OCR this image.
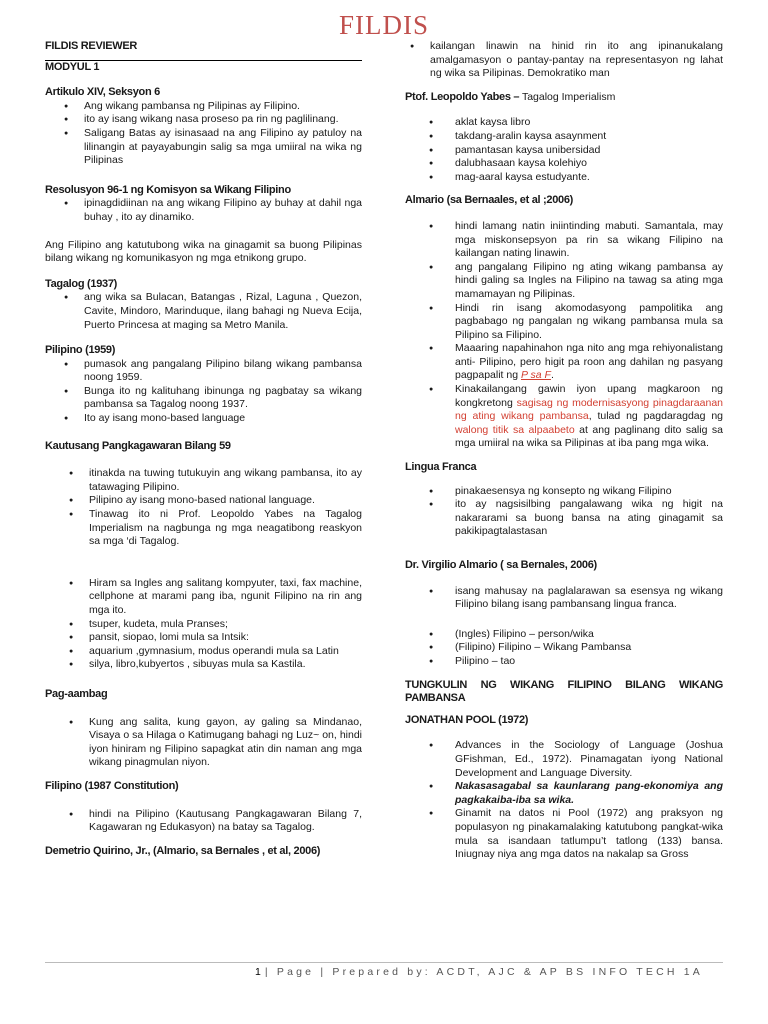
FILDIS

FILDIS REVIEWER

MODYUL 1

Artikulo XIV, Seksyon 6

● Ang wikang pambansa ng Pilipinas ay Filipino.
● ito ay isang wikang nasa proseso pa rin ng paglilinang.
● Saligang Batas ay isinasaad na ang Filipino ay patuloy na lilinangin at payayabungin salig sa mga umiiral na wika ng Pilipinas

Resolusyon 96-1 ng Komisyon sa Wikang Filipino

● ipinagdidiinan na ang wikang Filipino ay buhay at dahil nga buhay , ito ay dinamiko.

Ang Filipino ang katutubong wika na ginagamit sa buong Pilipinas bilang wikang ng komunikasyon ng mga etnikong grupo.

Tagalog (1937)

● ang wika sa Bulacan, Batangas , Rizal, Laguna , Quezon, Cavite, Mindoro, Marinduque, ilang bahagi ng Nueva Ecija, Puerto Princesa at maging sa Metro Manila.

Pilipino (1959)

● pumasok ang pangalang Pilipino bilang wikang pambansa noong 1959.
● Bunga ito ng kalituhang ibinunga ng pagbatay sa wikang pambansa sa Tagalog noong 1937.
● Ito ay isang mono-based language

Kautusang Pangkagawaran Bilang 59

● itinakda na tuwing tutukuyin ang wikang pambansa, ito ay tatawaging Pilipino.
● Pilipino ay isang mono-based national language.
● Tinawag ito ni Prof. Leopoldo Yabes na Tagalog Imperialism na nagbunga ng mga neagatibong reaskyon sa mga ‘di Tagalog.
● Hiram sa Ingles ang salitang kompyuter, taxi, fax machine, cellphone at marami pang iba, ngunit Filipino na rin ang mga ito.
● tsuper, kudeta, mula Pranses;
● pansit, siopao, lomi mula sa Intsik:
● aquarium ,gymnasium, modus operandi mula sa Latin
● silya, libro,kubyertos , sibuyas mula sa Kastila.

Pag-aambag

● Kung ang salita, kung gayon, ay galing sa Mindanao, Visaya o sa Hilaga o Katimugang bahagi ng Luz~ on, hindi iyon hiniram ng Filipino sapagkat atin din naman ang mga wikang pinagmulan niyon.

Filipino (1987 Constitution)

● hindi na Pilipino (Kautusang Pangkagawaran Bilang 7, Kagawaran ng Edukasyon) na batay sa Tagalog.

Demetrio Quirino, Jr., (Almario, sa Bernales , et al, 2006)

● kailangan linawin na hinid rin ito ang ipinanukalang amalgamasyon o pantay-pantay na representasyon ng lahat ng wika sa Pilipinas. Demokratiko man

Ptof. Leopoldo Yabes – Tagalog Imperialism

● aklat kaysa libro
● takdang-aralin kaysa asaynment
● pamantasan kaysa unibersidad
● dalubhasaan kaysa kolehiyo
● mag-aaral kaysa estudyante.

Almario (sa Bernaales, et al ;2006)

● hindi lamang natin iniintinding mabuti. Samantala, may mga miskonsepsyon pa rin sa wikang Filipino na kailangan nating linawin.
● ang pangalang Filipino ng ating wikang pambansa ay hindi galing sa Ingles na Filipino na tawag sa ating mga mamamayan ng Pilipinas.
● Hindi rin isang akomodasyong pampolitika ang pagbabago ng pangalan ng wikang pambansa mula sa Pilipino sa Filipino.
● Maaaring napahinahon nga nito ang mga rehiyonalistang anti- Pilipino, pero higit pa roon ang dahilan ng pasyang pagpapalit ng P sa F.
● Kinakailangang gawin iyon upang magkaroon ng kongkretong sagisag ng modernisasyong pinagdaraanan ng ating wikang pambansa, tulad ng pagdaragdag ng walong titik sa alpaabeto at ang paglinang dito salig sa mga umiiral na wika sa Pilipinas at iba pang mga wika.

Lingua Franca

● pinakaesensya ng konsepto ng wikang Filipino
● ito ay nagsisilbing pangalawang wika ng higit na nakararami sa buong bansa na ating ginagamit sa pakikipagtalastasan

Dr. Virgilio Almario ( sa Bernales, 2006)

● isang mahusay na paglalarawan sa esensya ng wikang Filipino bilang isang pambansang lingua franca.
● (Ingles) Filipino – person/wika
● (Filipino) Filipino – Wikang Pambansa
● Pilipino – tao

TUNGKULIN NG WIKANG FILIPINO BILANG WIKANG PAMBANSA

JONATHAN POOL (1972)

● Advances in the Sociology of Language (Joshua GFishman, Ed., 1972). Pinamagatan iyong National Development and Language Diversity.
● Nakasasagabal sa kaunlarang pang-ekonomiya ang pagkakaiba-iba sa wika.
● Ginamit na datos ni Pool (1972) ang praksyon ng populasyon ng pinakamalaking katutubong pangkat-wika mula sa isandaan tatlumpu’t tatlong (133) bansa. Iniugnay niya ang mga datos na nakalap sa Gross
1 | Page | Prepared by: ACDT, AJC & AP BS INFO TECH 1A
